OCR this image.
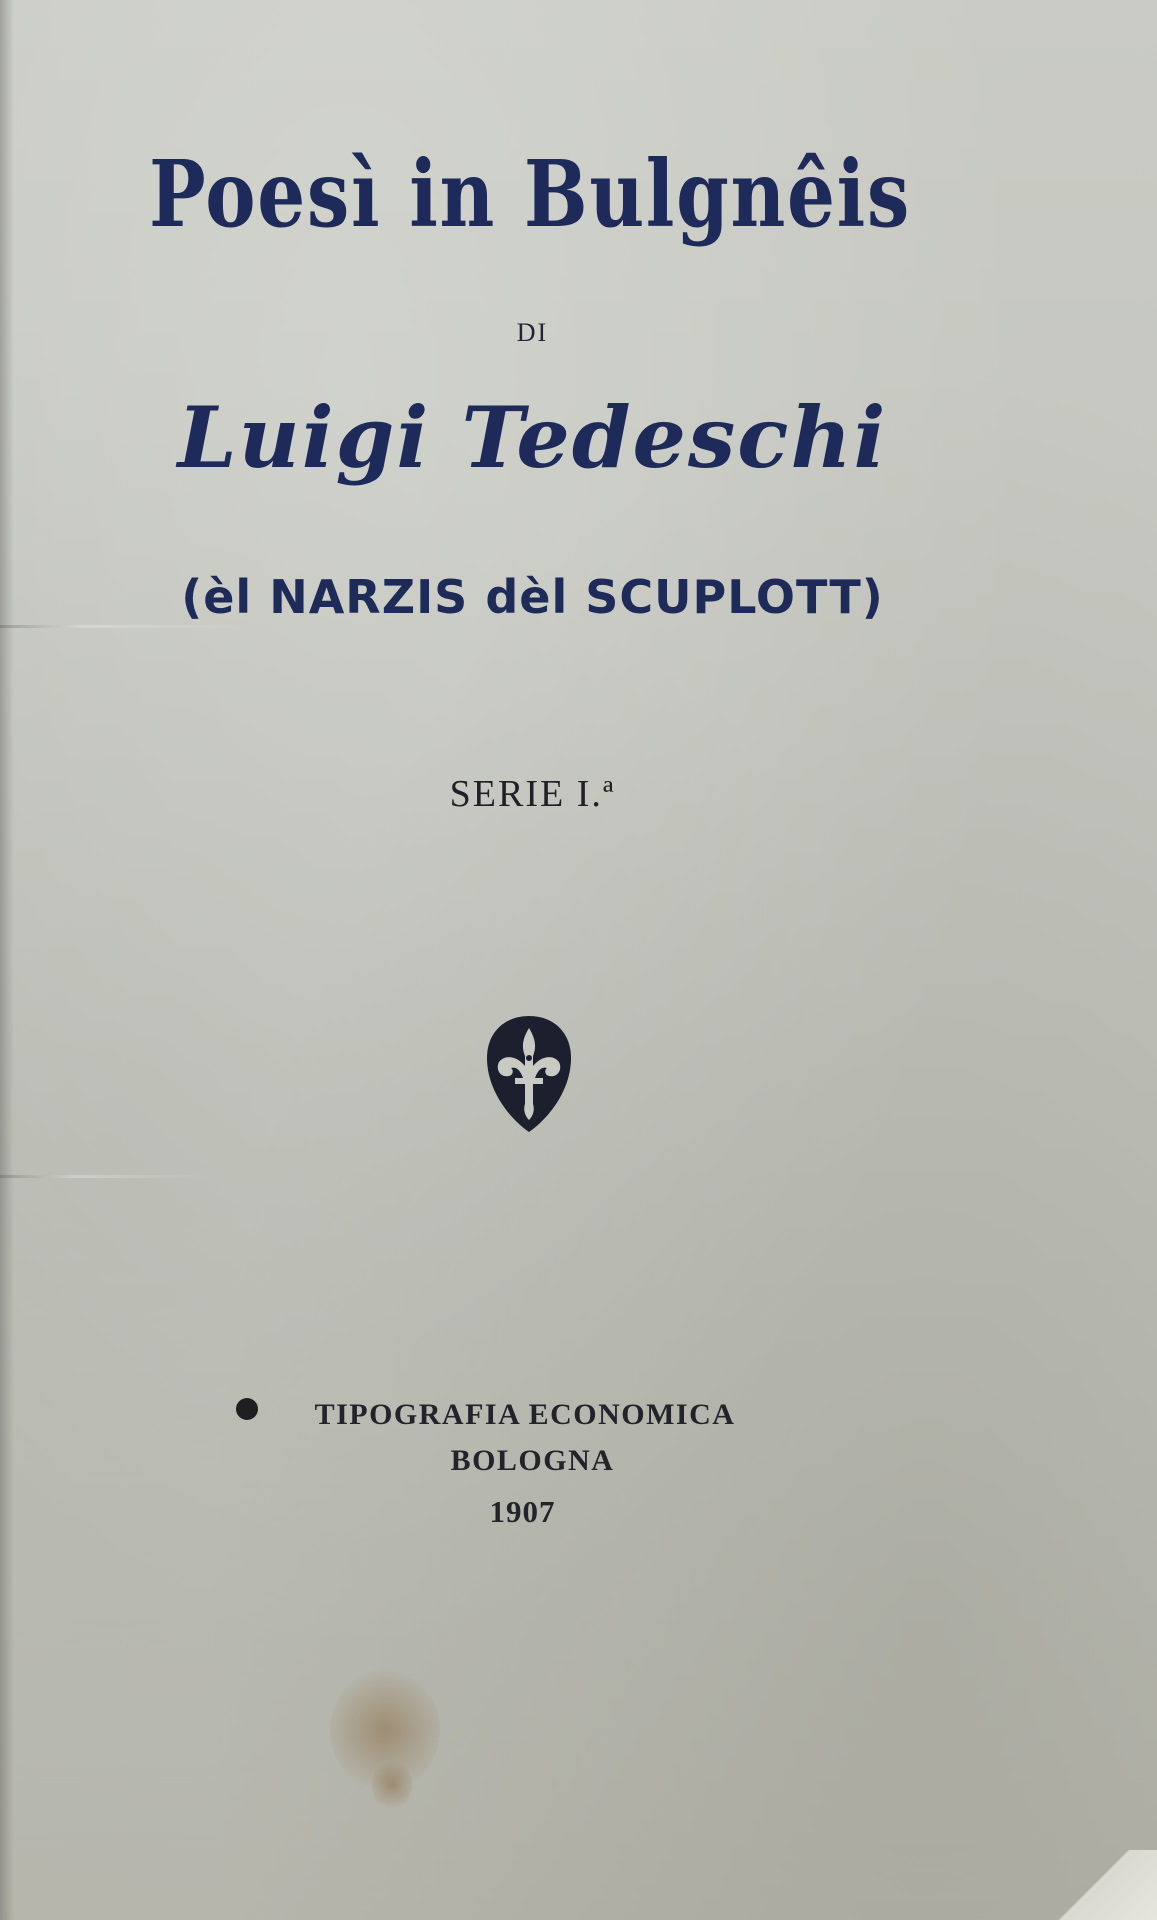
Poesì in Bulgnêis
DI
Luigi Tedeschi
(èl NARZIS dèl SCUPLOTT)
SERIE I.ª
TIPOGRAFIA ECONOMICA
BOLOGNA
1907
